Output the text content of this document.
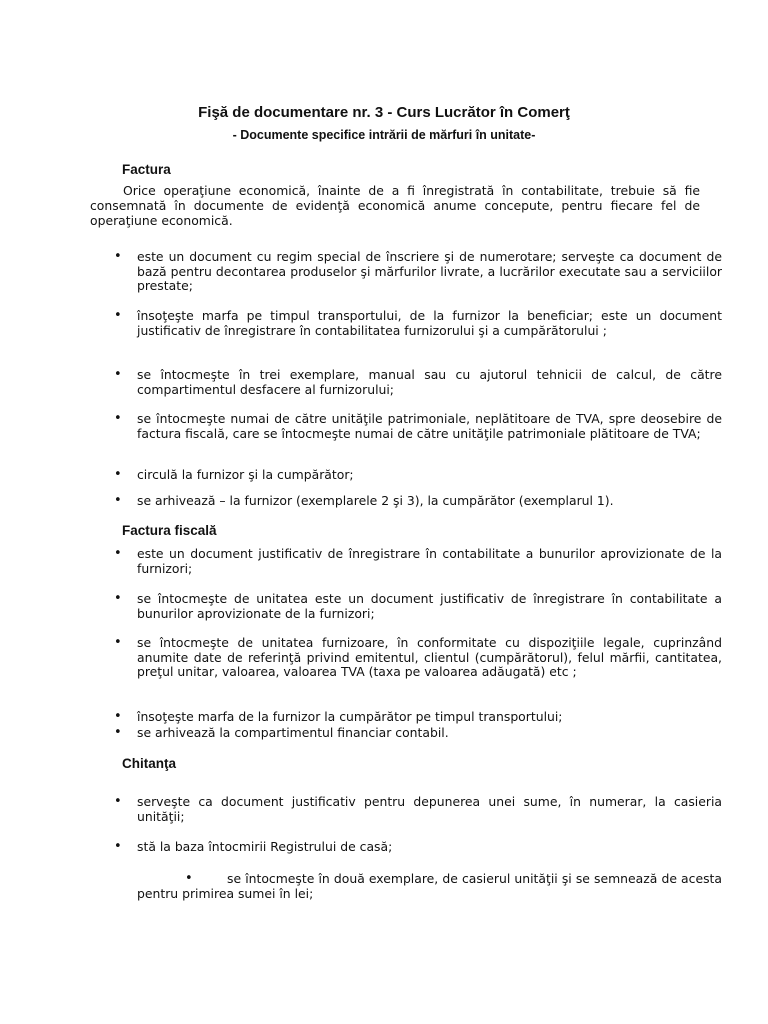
Fişă de documentare nr. 3 - Curs Lucrător în Comerţ
- Documente specifice intrării de mărfuri în unitate-
Factura
Orice operaţiune economică, înainte de a fi înregistrată în contabilitate, trebuie să fie consemnată în documente de evidenţă economică anume concepute, pentru fiecare fel de operaţiune economică.
• este un document cu regim special de înscriere şi de numerotare; serveşte ca document de bază pentru decontarea produselor şi mărfurilor livrate, a lucrărilor executate sau a serviciilor prestate;
• însoţeşte marfa pe timpul transportului, de la furnizor la beneficiar; este un document justificativ de înregistrare în contabilitatea furnizorului şi a cumpărătorului ;
• se întocmeşte în trei exemplare, manual sau cu ajutorul tehnicii de calcul, de către compartimentul desfacere al furnizorului;
• se întocmeşte numai de către unităţile patrimoniale, neplătitoare de TVA, spre deosebire de factura fiscală, care se întocmeşte numai de către unităţile patrimoniale plătitoare de TVA;
• circulă la furnizor şi la cumpărător;
• se arhivează – la furnizor (exemplarele 2 şi 3), la cumpărător (exemplarul 1).
Factura fiscală
• este un document justificativ de înregistrare în contabilitate a bunurilor aprovizionate de la furnizori;
• se întocmeşte de unitatea este un document justificativ de înregistrare în contabilitate a bunurilor aprovizionate de la furnizori;
• se întocmeşte de unitatea furnizoare, în conformitate cu dispoziţiile legale, cuprinzând anumite date de referinţă privind emitentul, clientul (cumpărătorul), felul mărfii, cantitatea, preţul unitar, valoarea, valoarea TVA (taxa pe valoarea adăugată) etc ;
• însoţeşte marfa de la furnizor la cumpărător pe timpul transportului;
• se arhivează la compartimentul financiar contabil.
Chitanţa
• serveşte ca document justificativ pentru depunerea unei sume, în numerar, la casieria unităţii;
• stă la baza întocmirii Registrului de casă;
•	se întocmeşte în două exemplare, de casierul unităţii şi se semnează de acesta pentru primirea sumei în lei;
